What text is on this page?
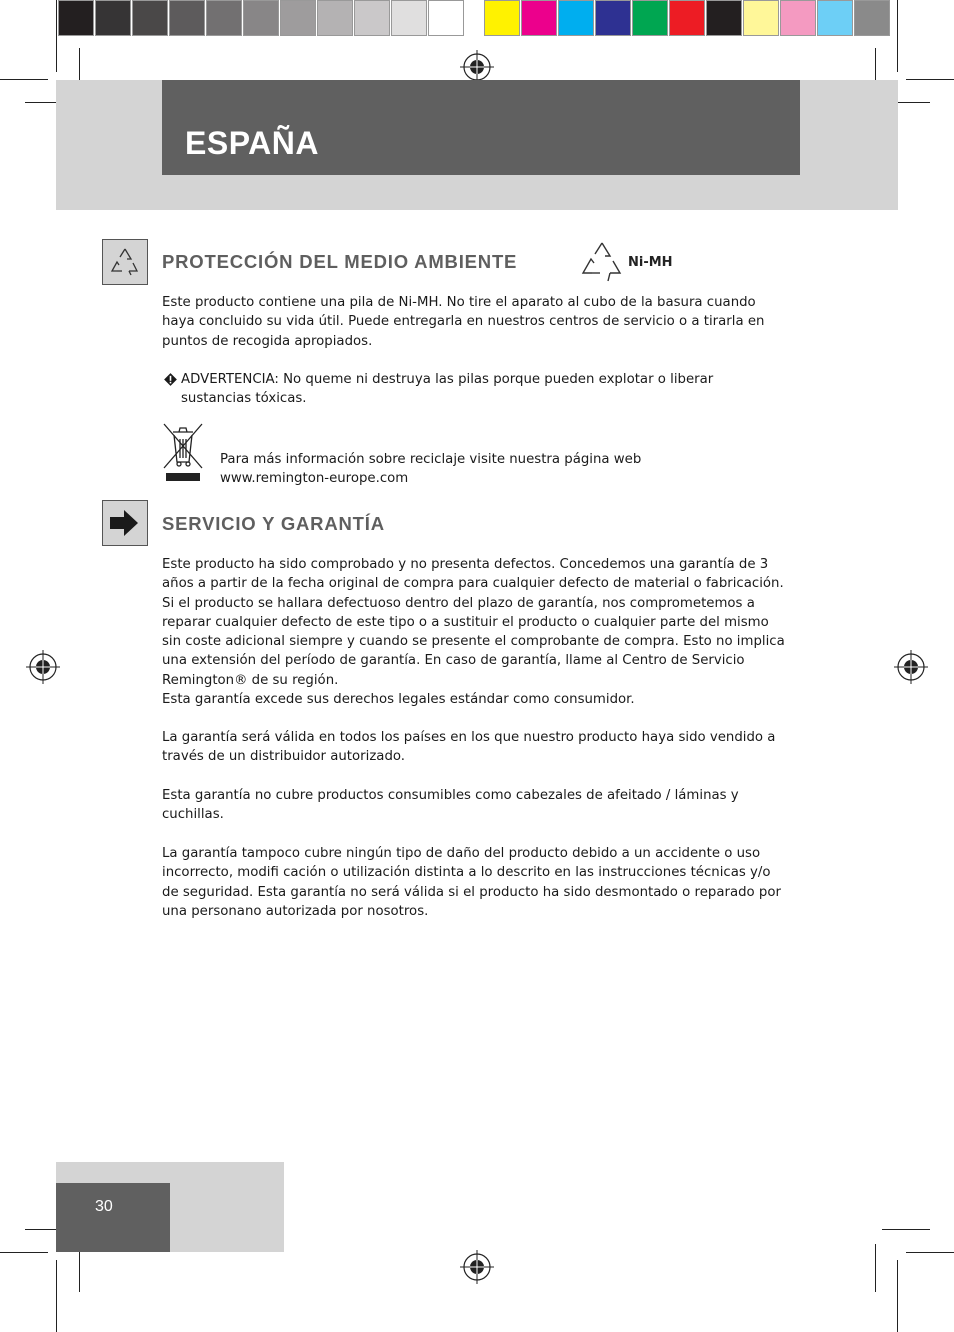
ESPAÑA
PROTECCIÓN DEL MEDIO AMBIENTE	Ni-MH

Este producto contiene una pila de Ni-MH. No tire el aparato al cubo de la basura cuando
haya concluido su vida útil. Puede entregarla en nuestros centros de servicio o a tirarla en
puntos de recogida apropiados.

ADVERTENCIA: No queme ni destruya las pilas porque pueden explotar o liberar
sustancias tóxicas.

Para más información sobre reciclaje visite nuestra página web
www.remington-europe.com

SERVICIO Y GARANTÍA

Este producto ha sido comprobado y no presenta defectos. Concedemos una garantía de 3
años a partir de la fecha original de compra para cualquier defecto de material o fabricación.
Si el producto se hallara defectuoso dentro del plazo de garantía, nos comprometemos a
reparar cualquier defecto de este tipo o a sustituir el producto o cualquier parte del mismo
sin coste adicional siempre y cuando se presente el comprobante de compra. Esto no implica
una extensión del período de garantía. En caso de garantía, llame al Centro de Servicio
Remington® de su región.
Esta garantía excede sus derechos legales estándar como consumidor.

La garantía será válida en todos los países en los que nuestro producto haya sido vendido a
través de un distribuidor autorizado.

Esta garantía no cubre productos consumibles como cabezales de afeitado / láminas y
cuchillas.

La garantía tampoco cubre ningún tipo de daño del producto debido a un accidente o uso
incorrecto, modifi cación o utilización distinta a lo descrito en las instrucciones técnicas y/o
de seguridad. Esta garantía no será válida si el producto ha sido desmontado o reparado por
una personano autorizada por nosotros.

30
